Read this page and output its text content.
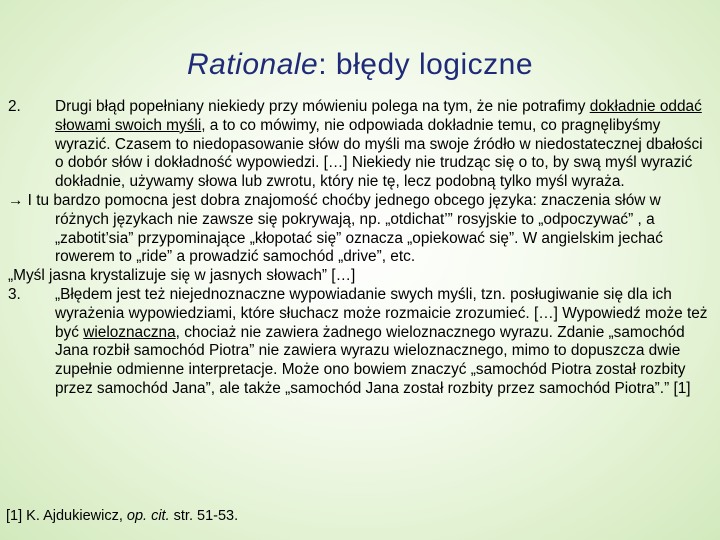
Rationale: błędy logiczne
2. Drugi błąd popełniany niekiedy przy mówieniu polega na tym, że nie potrafimy dokładnie oddać słowami swoich myśli, a to co mówimy, nie odpowiada dokładnie temu, co pragnęlibyśmy wyrazić. Czasem to niedopasowanie słów do myśli ma swoje źródło w niedostatecznej dbałości o dobór słów i dokładność wypowiedzi. […] Niekiedy nie trudząc się o to, by swą myśl wyrazić dokładnie, używamy słowa lub zwrotu, który nie tę, lecz podobną tylko myśl wyraża.
→ I tu bardzo pomocna jest dobra znajomość choćby jednego obcego języka: znaczenia słów w różnych językach nie zawsze się pokrywają, np. „otdichat’” rosyjskie to „odpoczywać” , a „zabotit’sia” przypominające „kłopotać się” oznacza „opiekować się”. W angielskim jechać rowerem to „ride” a prowadzić samochód „drive”, etc.
„Myśl jasna krystalizuje się w jasnych słowach” […]
3. „Błędem jest też niejednoznaczne wypowiadanie swych myśli, tzn. posługiwanie się dla ich wyrażenia wypowiedziami, które słuchacz może rozmaicie zrozumieć. […] Wypowiedź może też być wieloznaczna, chociaż nie zawiera żadnego wieloznacznego wyrazu. Zdanie „samochód Jana rozbił samochód Piotra” nie zawiera wyrazu wieloznacznego, mimo to dopuszcza dwie zupełnie odmienne interpretacje. Może ono bowiem znaczyć „samochód Piotra został rozbity przez samochód Jana”, ale także „samochód Jana został rozbity przez samochód Piotra”.” [1]
[1] K. Ajdukiewicz, op. cit. str. 51-53.
